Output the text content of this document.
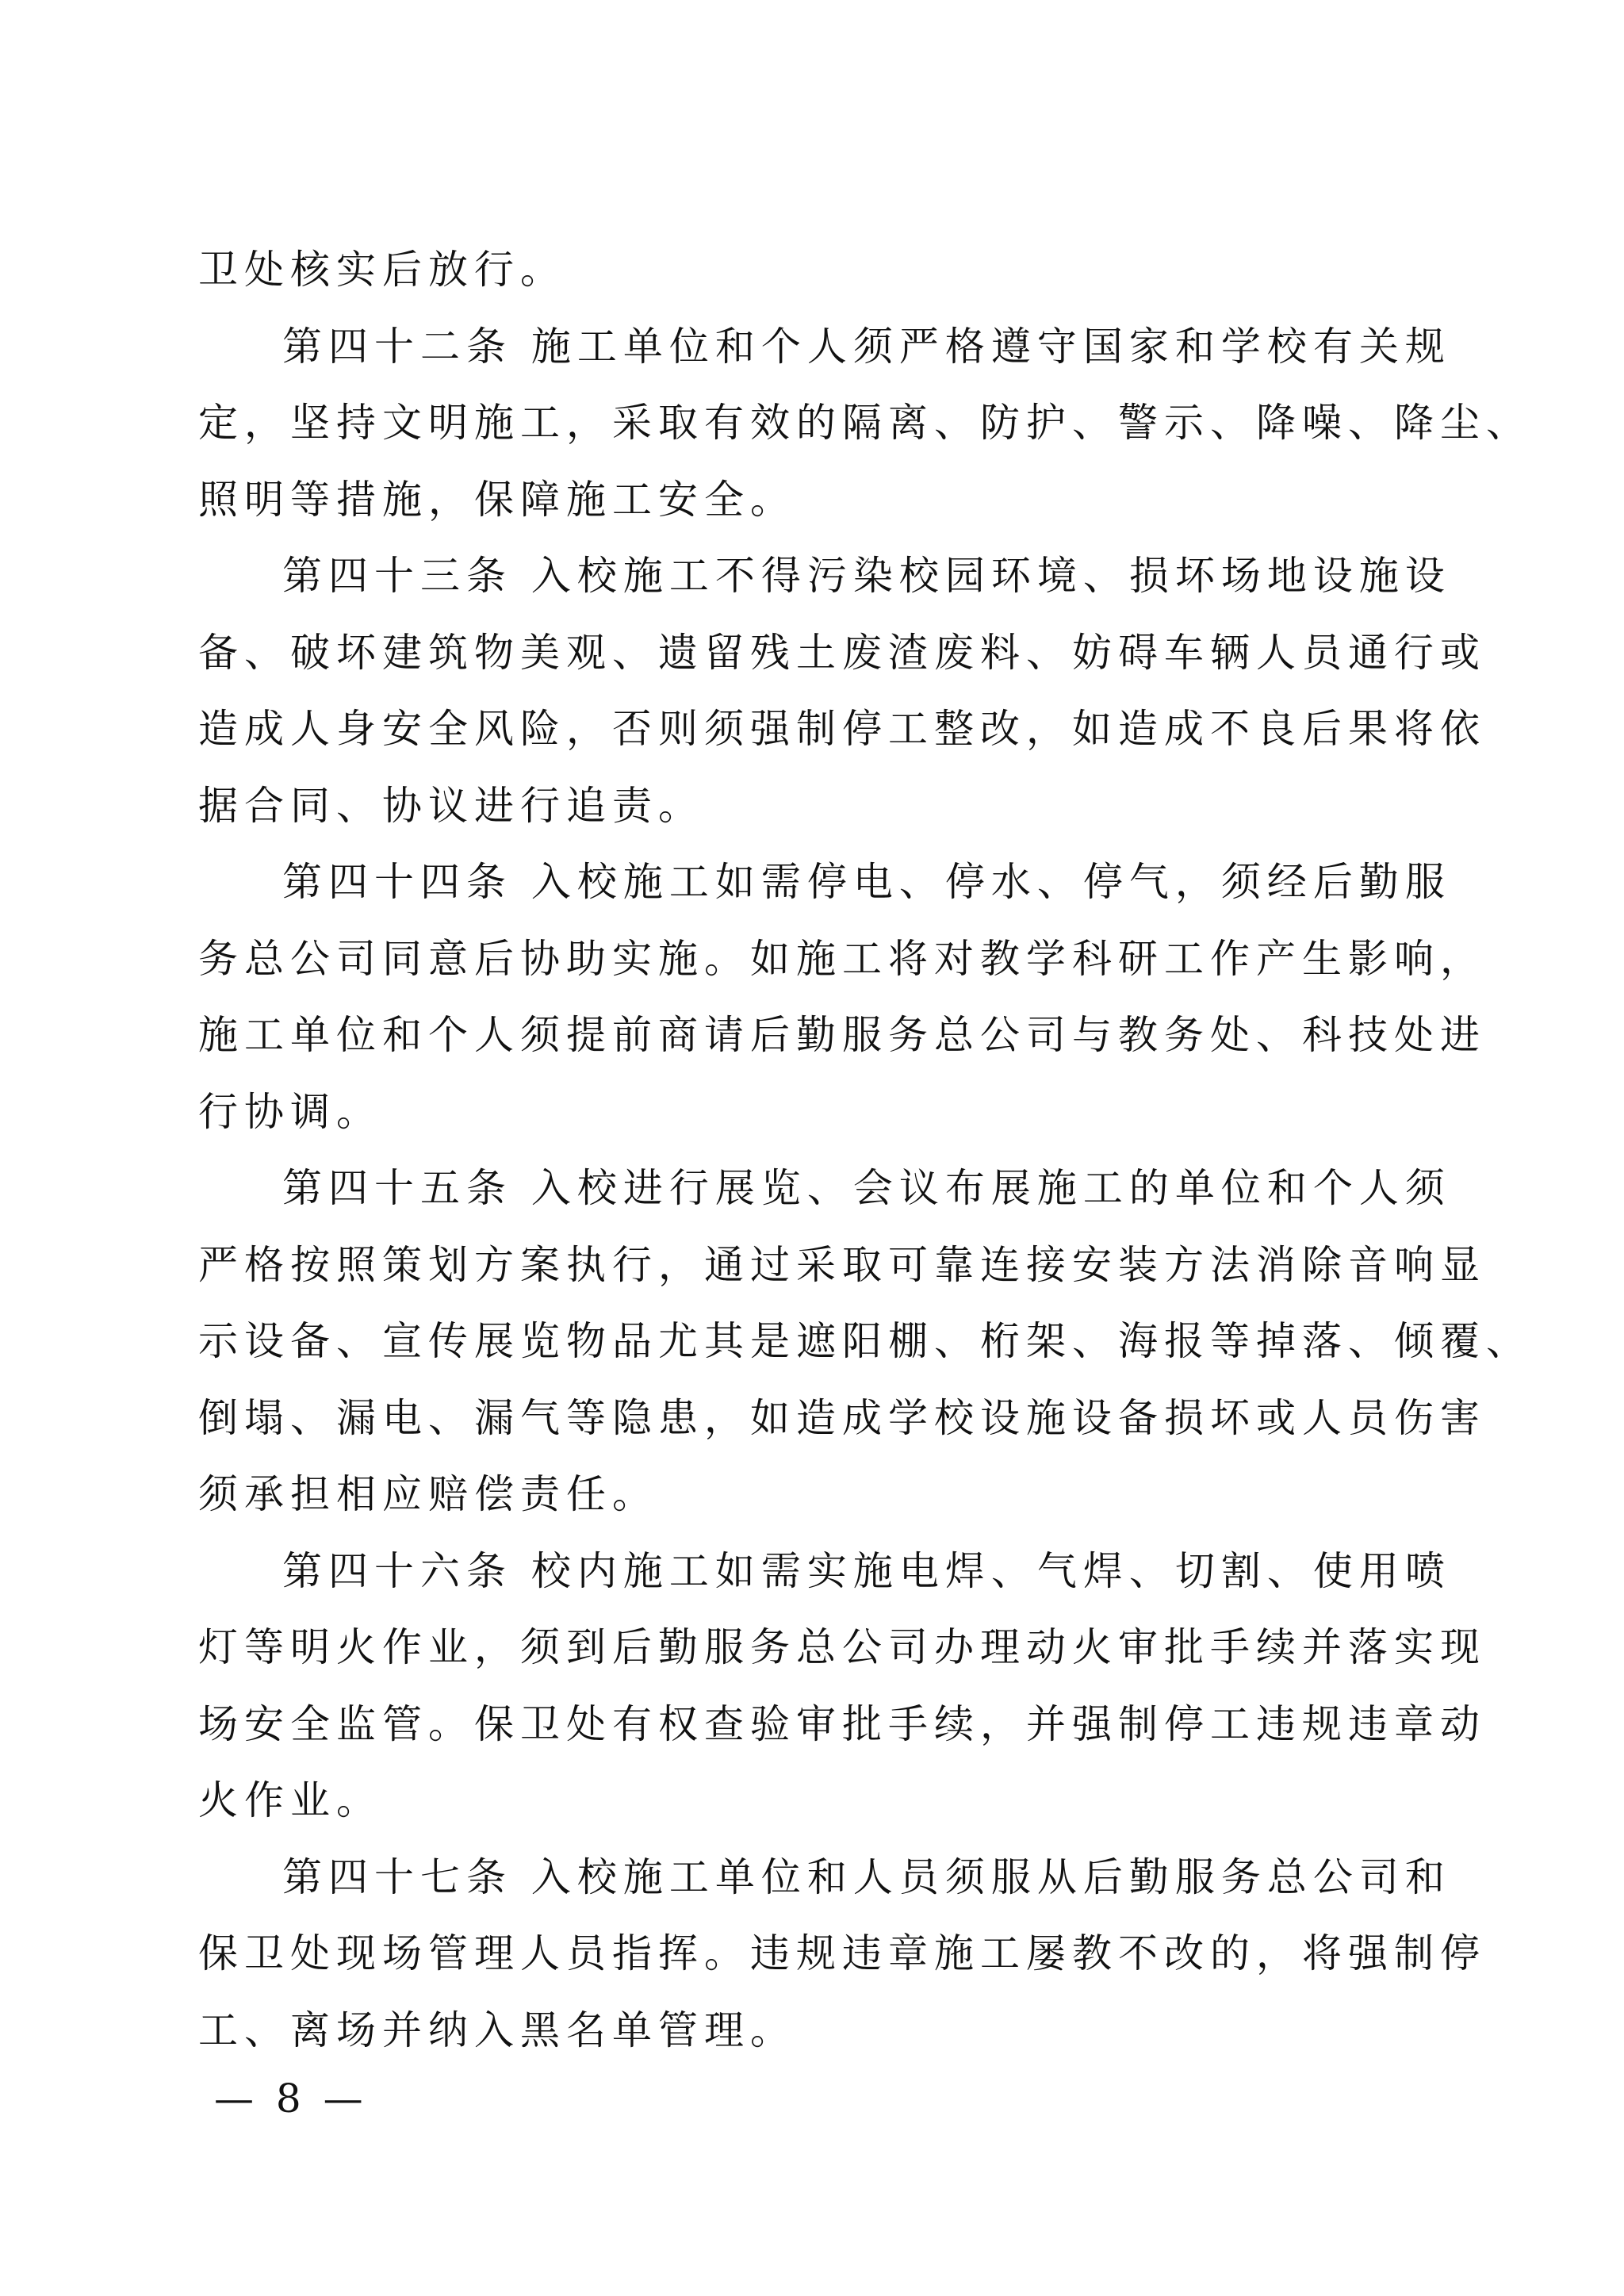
卫处核实后放行。
第四十二条 施工单位和个人须严格遵守国家和学校有关规
定，坚持文明施工，采取有效的隔离、防护、警示、降噪、降尘、
照明等措施，保障施工安全。
第四十三条 入校施工不得污染校园环境、损坏场地设施设
备、破坏建筑物美观、遗留残土废渣废料、妨碍车辆人员通行或
造成人身安全风险，否则须强制停工整改，如造成不良后果将依
据合同、协议进行追责。
第四十四条 入校施工如需停电、停水、停气，须经后勤服
务总公司同意后协助实施。如施工将对教学科研工作产生影响，
施工单位和个人须提前商请后勤服务总公司与教务处、科技处进
行协调。
第四十五条 入校进行展览、会议布展施工的单位和个人须
严格按照策划方案执行，通过采取可靠连接安装方法消除音响显
示设备、宣传展览物品尤其是遮阳棚、桁架、海报等掉落、倾覆、
倒塌、漏电、漏气等隐患，如造成学校设施设备损坏或人员伤害
须承担相应赔偿责任。
第四十六条 校内施工如需实施电焊、气焊、切割、使用喷
灯等明火作业，须到后勤服务总公司办理动火审批手续并落实现
场安全监管。保卫处有权查验审批手续，并强制停工违规违章动
火作业。
第四十七条 入校施工单位和人员须服从后勤服务总公司和
保卫处现场管理人员指挥。违规违章施工屡教不改的，将强制停
工、离场并纳入黑名单管理。
— 8 —
